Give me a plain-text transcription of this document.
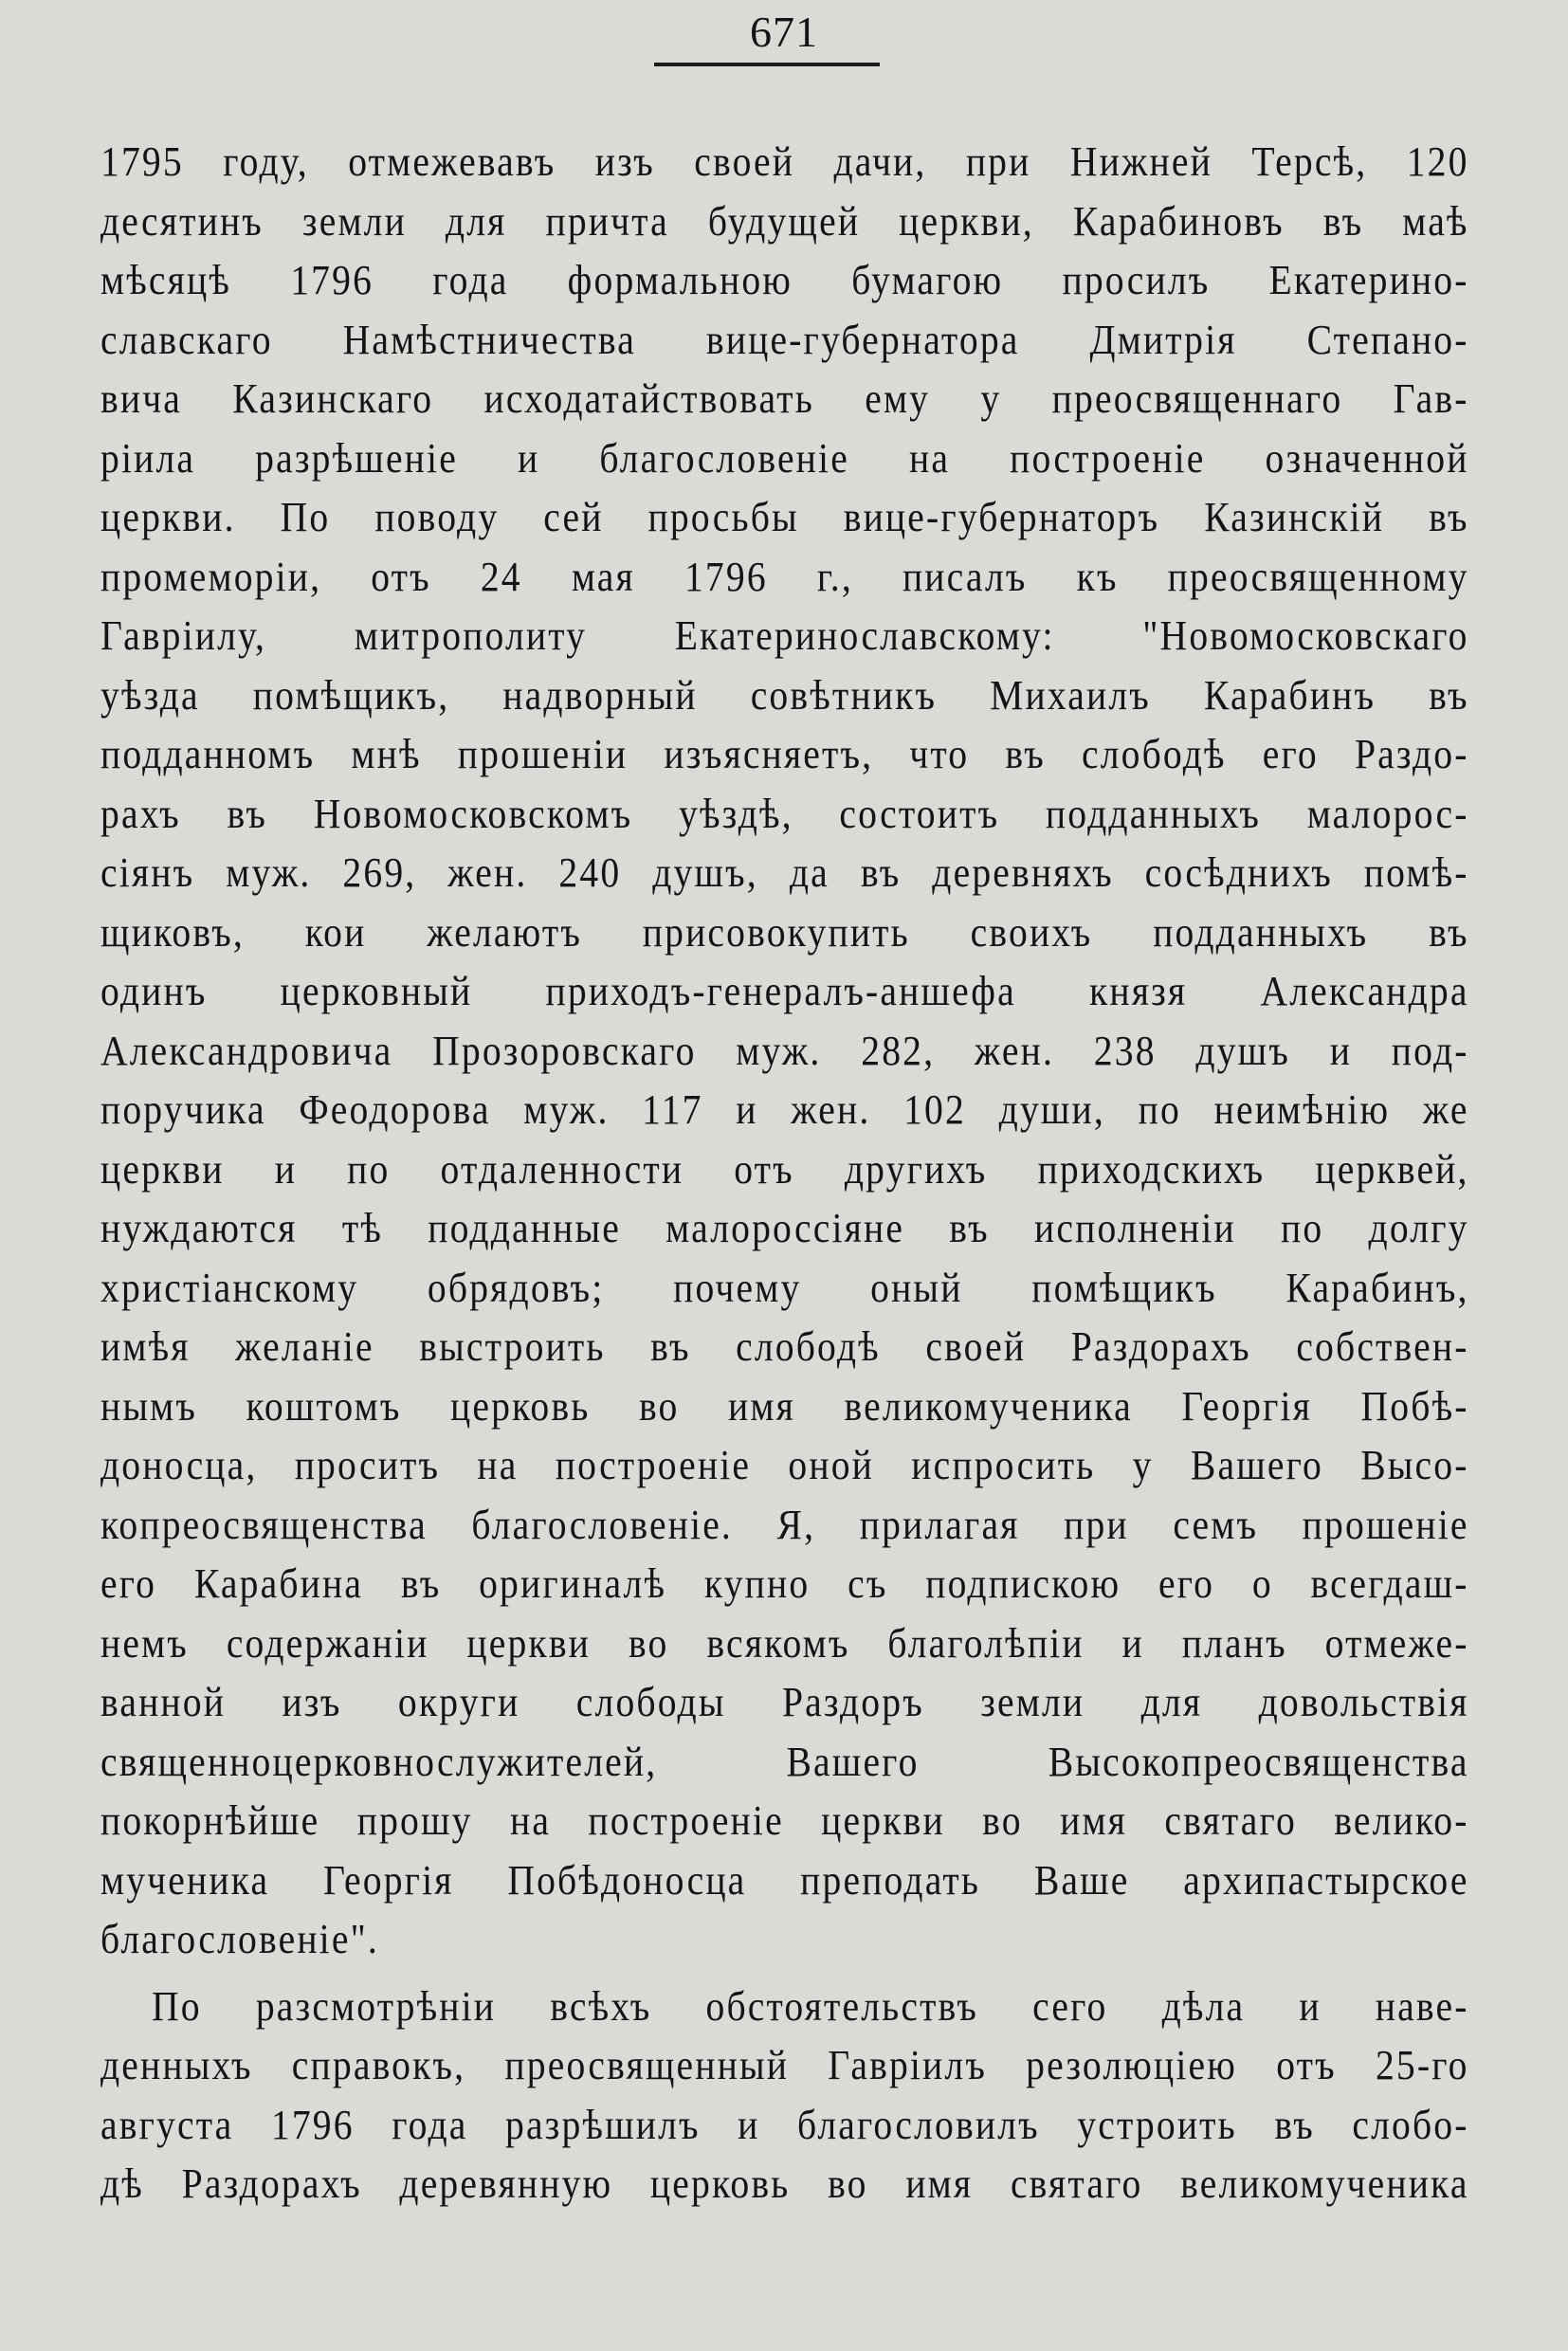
671
1795 году, отмежевавъ изъ своей дачи, при Нижней Терсѣ, 120
десятинъ земли для причта будущей церкви, Карабиновъ въ маѣ
мѣсяцѣ 1796 года формальною бумагою просилъ Екатерино-
славскаго Намѣстничества вице-губернатора Дмитрія Степано-
вича Казинскаго исходатайствовать ему у преосвященнаго Гав-
ріила разрѣшеніе и благословеніе на построеніе означенной
церкви. По поводу сей просьбы вице-губернаторъ Казинскій въ
промеморіи, отъ 24 мая 1796 г., писалъ къ преосвященному
Гавріилу, митрополиту Екатеринославскому: "Новомосковскаго
уѣзда помѣщикъ, надворный совѣтникъ Михаилъ Карабинъ въ
подданномъ мнѣ прошеніи изъясняетъ, что въ слободѣ его Раздо-
рахъ въ Новомосковскомъ уѣздѣ, состоитъ подданныхъ малорос-
сіянъ муж. 269, жен. 240 душъ, да въ деревняхъ сосѣднихъ помѣ-
щиковъ, кои желаютъ присовокупить своихъ подданныхъ въ
одинъ церковный приходъ-генералъ-аншефа князя Александра
Александровича Прозоровскаго муж. 282, жен. 238 душъ и под-
поручика Феодорова муж. 117 и жен. 102 души, по неимѣнію же
церкви и по отдаленности отъ другихъ приходскихъ церквей,
нуждаются тѣ подданные малороссіяне въ исполненіи по долгу
христіанскому обрядовъ; почему оный помѣщикъ Карабинъ,
имѣя желаніе выстроить въ слободѣ своей Раздорахъ собствен-
нымъ коштомъ церковь во имя великомученика Георгія Побѣ-
доносца, проситъ на построеніе оной испросить у Вашего Высо-
копреосвященства благословеніе. Я, прилагая при семъ прошеніе
его Карабина въ оригиналѣ купно съ подпискою его о всегдаш-
немъ содержаніи церкви во всякомъ благолѣпіи и планъ отмеже-
ванной изъ округи слободы Раздоръ земли для довольствія
священноцерковнослужителей, Вашего Высокопреосвященства
покорнѣйше прошу на построеніе церкви во имя святаго велико-
мученика Георгія Побѣдоносца преподать Ваше архипастырское
благословеніе".
По разсмотрѣніи всѣхъ обстоятельствъ сего дѣла и наве-
денныхъ справокъ, преосвященный Гавріилъ резолюціею отъ 25-го
августа 1796 года разрѣшилъ и благословилъ устроить въ слобо-
дѣ Раздорахъ деревянную церковь во имя святаго великомученика
